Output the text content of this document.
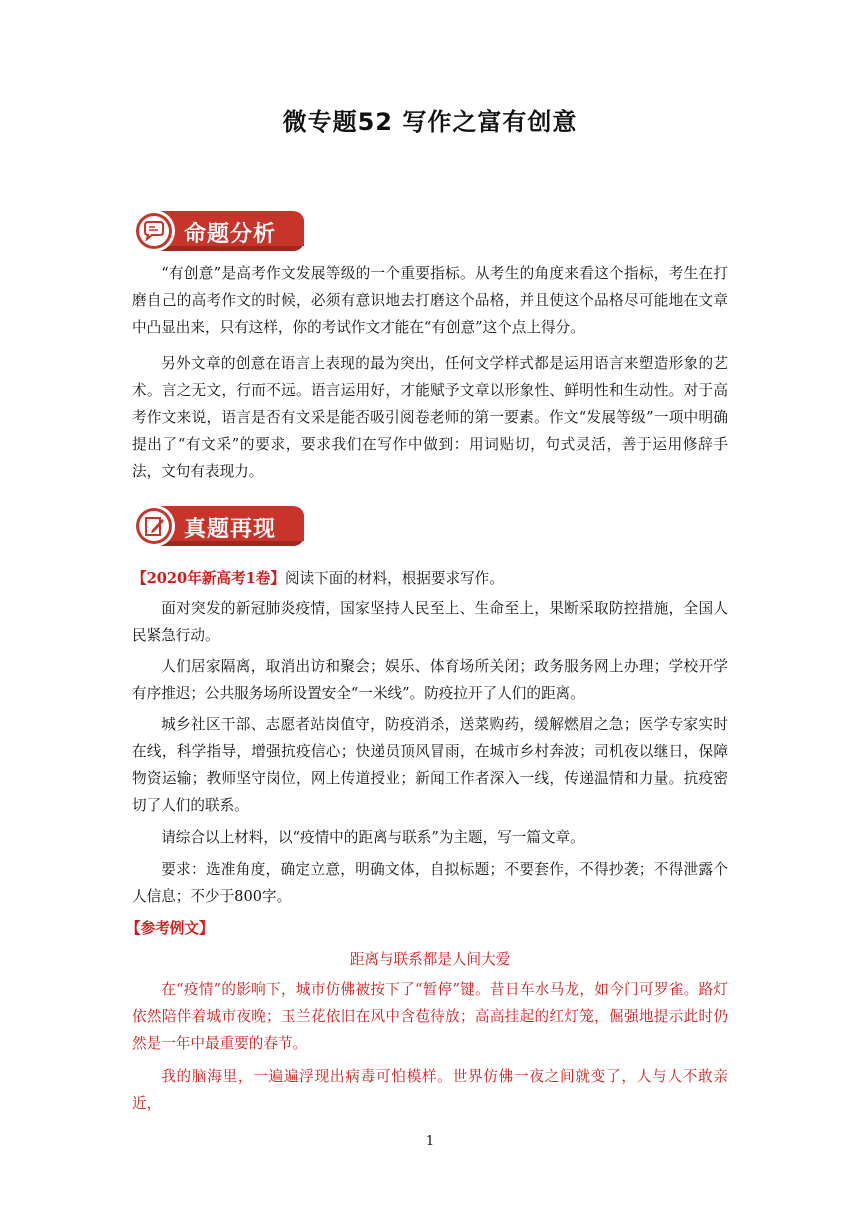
微专题52 写作之富有创意
命题分析

“有创意”是高考作文发展等级的一个重要指标。从考生的角度来看这个指标，考生在打磨自己的高考作文的时候，必须有意识地去打磨这个品格，并且使这个品格尽可能地在文章中凸显出来，只有这样，你的考试作文才能在“有创意”这个点上得分。

另外文章的创意在语言上表现的最为突出，任何文学样式都是运用语言来塑造形象的艺术。言之无文，行而不远。语言运用好，才能赋予文章以形象性、鲜明性和生动性。对于高考作文来说，语言是否有文采是能否吸引阅卷老师的第一要素。作文“发展等级”一项中明确提出了“有文采”的要求，要求我们在写作中做到：用词贴切，句式灵活，善于运用修辞手法，文句有表现力。

真题再现

【2020年新高考1卷】阅读下面的材料，根据要求写作。

面对突发的新冠肺炎疫情，国家坚持人民至上、生命至上，果断采取防控措施，全国人民紧急行动。

人们居家隔离，取消出访和聚会；娱乐、体育场所关闭；政务服务网上办理；学校开学有序推迟；公共服务场所设置安全“一米线”。防疫拉开了人们的距离。

城乡社区干部、志愿者站岗值守，防疫消杀，送菜购药，缓解燃眉之急；医学专家实时在线，科学指导，增强抗疫信心；快递员顶风冒雨，在城市乡村奔波；司机夜以继日，保障物资运输；教师坚守岗位，网上传道授业；新闻工作者深入一线，传递温情和力量。抗疫密切了人们的联系。

请综合以上材料，以“疫情中的距离与联系”为主题，写一篇文章。

要求：选准角度，确定立意，明确文体，自拟标题；不要套作，不得抄袭；不得泄露个人信息；不少于800字。

【参考例文】

距离与联系都是人间大爱

在“疫情”的影响下，城市仿佛被按下了“暂停”键。昔日车水马龙，如今门可罗雀。路灯依然陪伴着城市夜晚；玉兰花依旧在风中含苞待放；高高挂起的红灯笼，倔强地提示此时仍然是一年中最重要的春节。

我的脑海里，一遍遍浮现出病毒可怕模样。世界仿佛一夜之间就变了，人与人不敢亲近，

1
